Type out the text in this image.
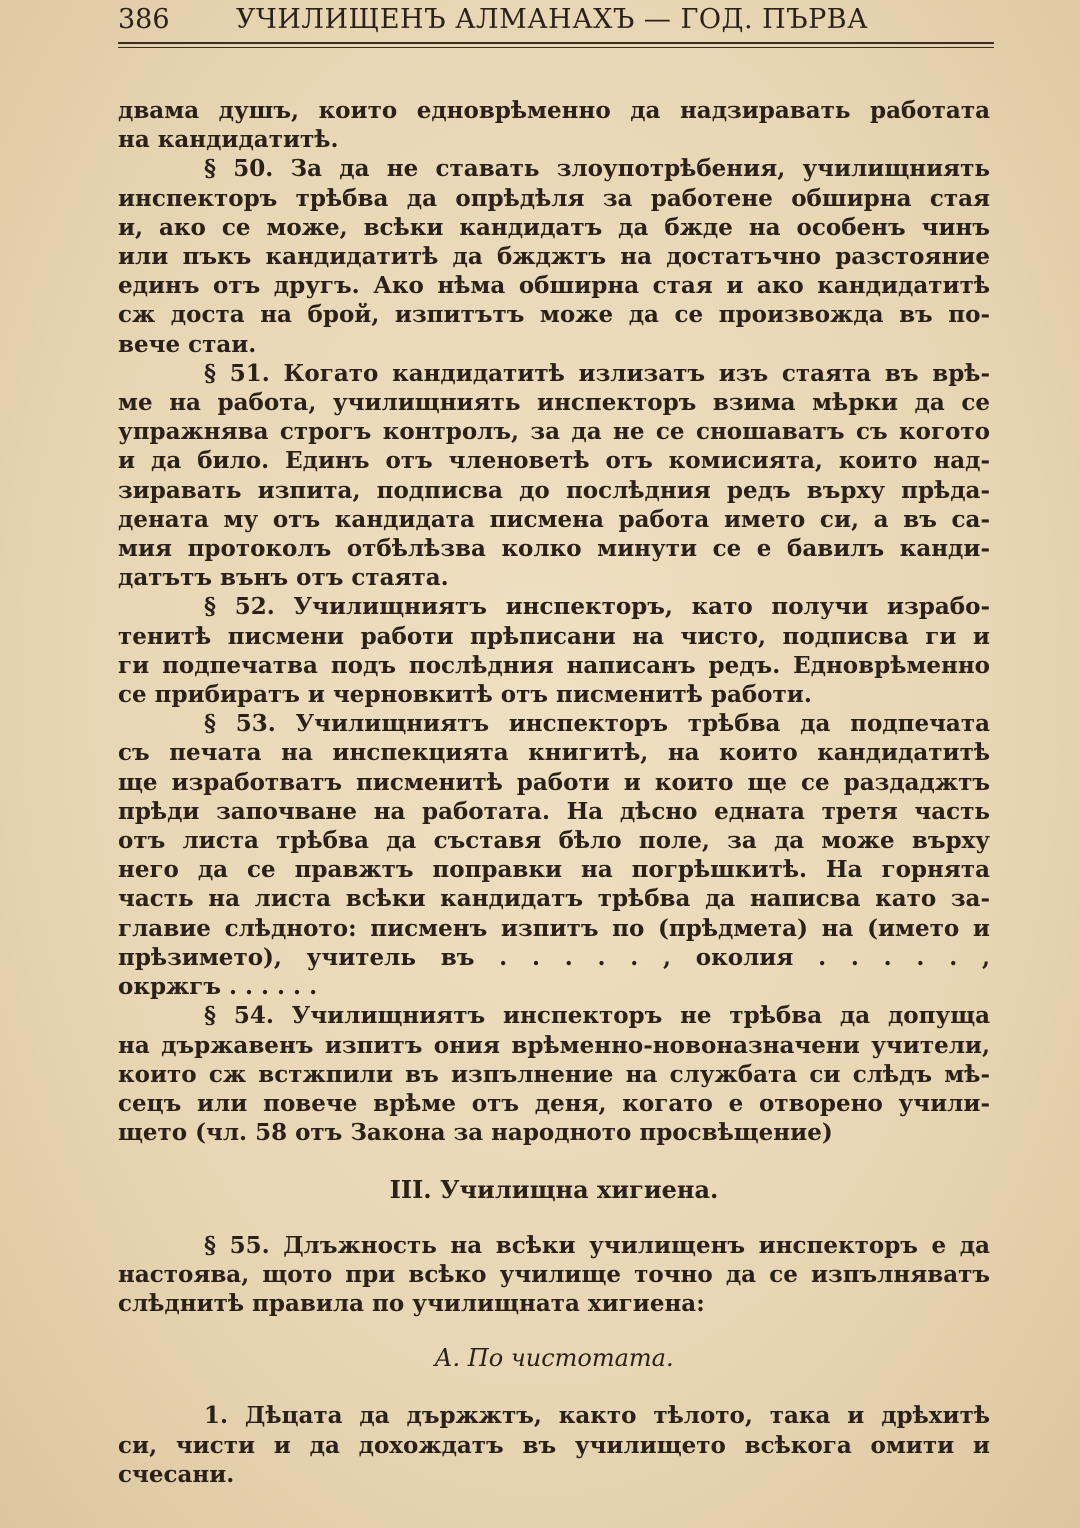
386 УЧИЛИЩЕНЪ АЛМАНАХЪ — ГОД. ПЪРВА

двама душъ, които едноврѣменно да надзиравать работата

на кандидатитѣ.

§ 50. За да не ставать злоупотрѣбения, училищниять

инспекторъ трѣбва да опрѣдѣля за работене обширна стая

и, ако се може, всѣки кандидатъ да бжде на особенъ чинъ

или пъкъ кандидатитѣ да бжджтъ на достатъчно разстояние

единъ отъ другъ. Ако нѣма обширна стая и ако кандидатитѣ

сж доста на брой, изпитътъ може да се произвожда въ по-

вече стаи.

§ 51. Когато кандидатитѣ излизатъ изъ стаята въ врѣ-

ме на работа, училищниять инспекторъ взима мѣрки да се

упражнява строгъ контролъ, за да не се сношаватъ съ когото

и да било. Единъ отъ членоветѣ отъ комисията, които над-

зиравать изпита, подписва до послѣдния редъ върху прѣда-

дената му отъ кандидата писмена работа името си, а въ са-

мия протоколъ отбѣлѣзва колко минути се е бавилъ канди-

датътъ вънъ отъ стаята.

§ 52. Училищниятъ инспекторъ, като получи израбо-

тенитѣ писмени работи прѣписани на чисто, подписва ги и

ги подпечатва подъ послѣдния написанъ редъ. Едноврѣменно

се прибиратъ и черновкитѣ отъ писменитѣ работи.

§ 53. Училищниятъ инспекторъ трѣбва да подпечата

съ печата на инспекцията книгитѣ, на които кандидатитѣ

ще изработватъ писменитѣ работи и които ще се раздаджтъ

прѣди започване на работата. На дѣсно едната третя часть

отъ листа трѣбва да съставя бѣло поле, за да може върху

него да се правжтъ поправки на погрѣшкитѣ. На горнята

часть на листа всѣки кандидатъ трѣбва да написва като за-

главие слѣдното: писменъ изпитъ по (прѣдмета) на (името и

прѣзимето), учитель въ . . . . . , околия . . . . . ,

окржгъ . . . . . .

§ 54. Училищниятъ инспекторъ не трѣбва да допуща

на държавенъ изпитъ ония врѣменно-новоназначени учители,

които сж встжпили въ изпълнение на службата си слѣдъ мѣ-

сецъ или повече врѣме отъ деня, когато е отворено учили-

щето (чл. 58 отъ Закона за народното просвѣщение)

III. Училищна хигиена.

§ 55. Длъжность на всѣки училищенъ инспекторъ е да

настоява, щото при всѣко училище точно да се изпълняватъ

слѣднитѣ правила по училищната хигиена:

А. По чистотата.

1. Дѣцата да държжтъ, както тѣлото, така и дрѣхитѣ

си, чисти и да дохождатъ въ училището всѣкога омити и

счесани.
